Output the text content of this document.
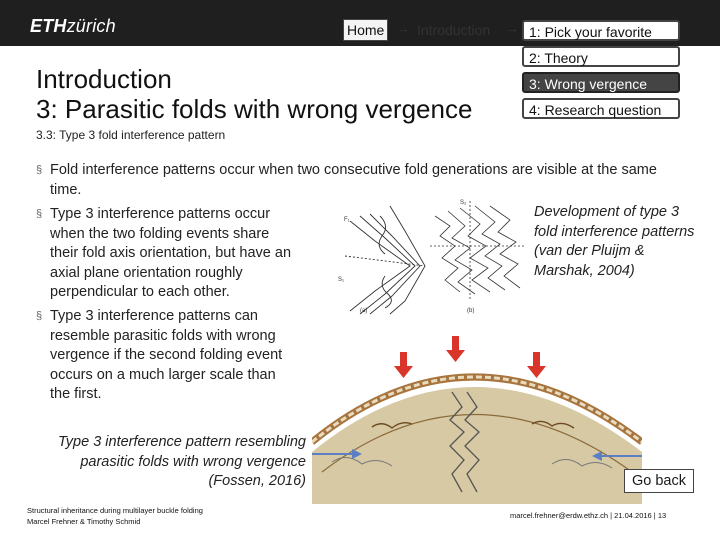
ETHzürich	Home → Introduction → 1: Pick your favorite
2: Theory
3: Wrong vergence
4: Research question
Introduction
3: Parasitic folds with wrong vergence
3.3: Type 3 fold interference pattern
§ Fold interference patterns occur when two consecutive fold generations are visible at the same time.
§ Type 3 interference patterns occur when the two folding events share their fold axis orientation, but have an axial plane orientation roughly perpendicular to each other.
§ Type 3 interference patterns can resemble parasitic folds with wrong vergence if the second folding event occurs on a much larger scale than the first.
F₁
S₁
(a)
S₂
(b)
Development of type 3 fold interference patterns (van der Pluijm & Marshak, 2004)
Type 3 interference pattern resembling parasitic folds with wrong vergence (Fossen, 2016)	Go back
Structural inheritance during multilayer buckle folding
Marcel Frehner & Timothy Schmid
marcel.frehner@erdw.ethz.ch | 21.04.2016 | 13
